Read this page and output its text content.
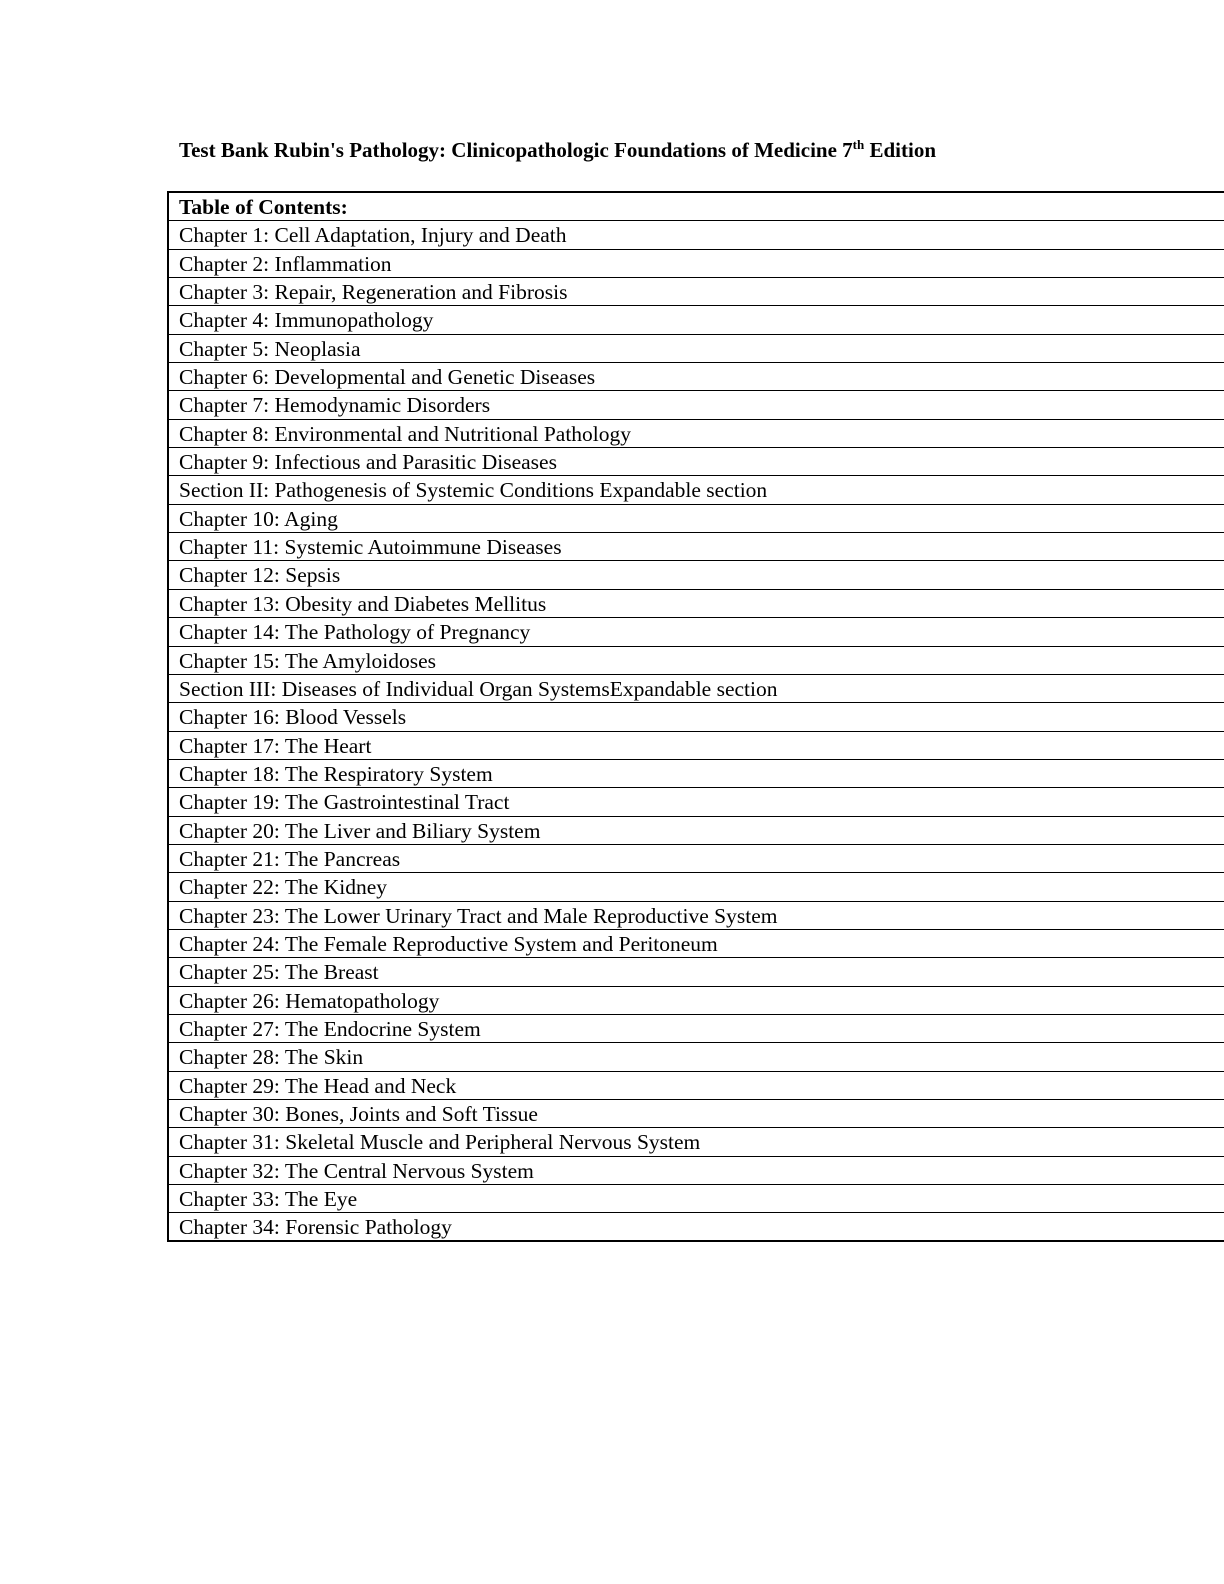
Test Bank Rubin's Pathology: Clinicopathologic Foundations of Medicine 7th Edition
Table of Contents:
Chapter 1: Cell Adaptation, Injury and Death
Chapter 2: Inflammation
Chapter 3: Repair, Regeneration and Fibrosis
Chapter 4: Immunopathology
Chapter 5: Neoplasia
Chapter 6: Developmental and Genetic Diseases
Chapter 7: Hemodynamic Disorders
Chapter 8: Environmental and Nutritional Pathology
Chapter 9: Infectious and Parasitic Diseases
Section II: Pathogenesis of Systemic Conditions Expandable section
Chapter 10: Aging
Chapter 11: Systemic Autoimmune Diseases
Chapter 12: Sepsis
Chapter 13: Obesity and Diabetes Mellitus
Chapter 14: The Pathology of Pregnancy
Chapter 15: The Amyloidoses
Section III: Diseases of Individual Organ SystemsExpandable section
Chapter 16: Blood Vessels
Chapter 17: The Heart
Chapter 18: The Respiratory System
Chapter 19: The Gastrointestinal Tract
Chapter 20: The Liver and Biliary System
Chapter 21: The Pancreas
Chapter 22: The Kidney
Chapter 23: The Lower Urinary Tract and Male Reproductive System
Chapter 24: The Female Reproductive System and Peritoneum
Chapter 25: The Breast
Chapter 26: Hematopathology
Chapter 27: The Endocrine System
Chapter 28: The Skin
Chapter 29: The Head and Neck
Chapter 30: Bones, Joints and Soft Tissue
Chapter 31: Skeletal Muscle and Peripheral Nervous System
Chapter 32: The Central Nervous System
Chapter 33: The Eye
Chapter 34: Forensic Pathology
